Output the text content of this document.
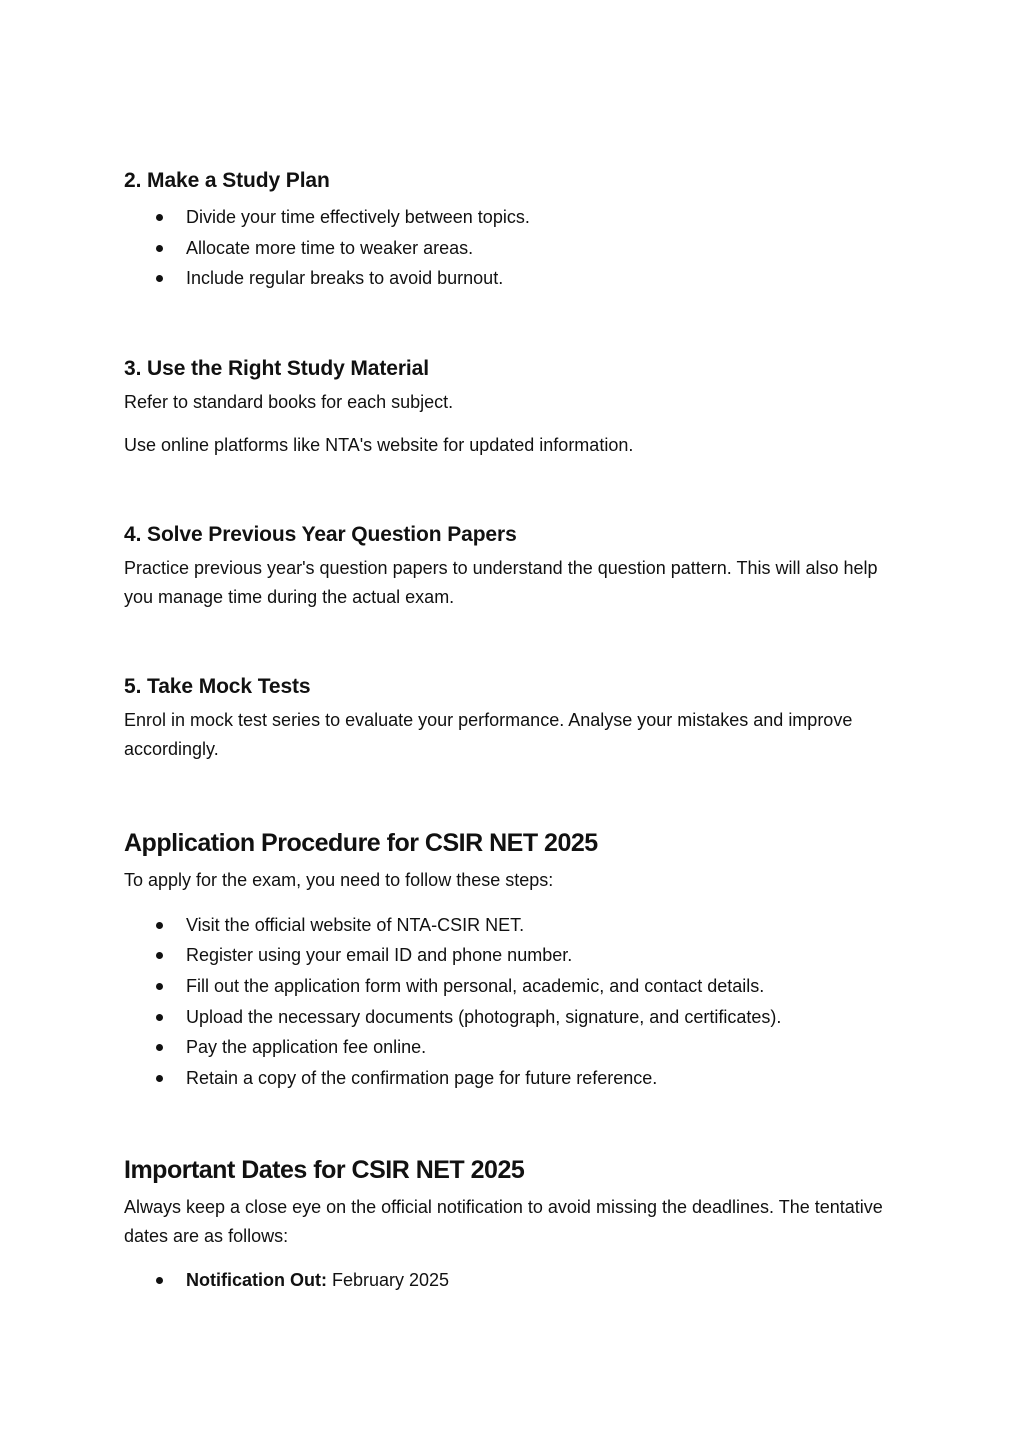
2. Make a Study Plan
Divide your time effectively between topics.
Allocate more time to weaker areas.
Include regular breaks to avoid burnout.
3. Use the Right Study Material

Refer to standard books for each subject.

Use online platforms like NTA's website for updated information.

4. Solve Previous Year Question Papers

Practice previous year's question papers to understand the question pattern. This will also help you manage time during the actual exam.

5. Take Mock Tests

Enrol in mock test series to evaluate your performance. Analyse your mistakes and improve accordingly.

Application Procedure for CSIR NET 2025

To apply for the exam, you need to follow these steps:

Visit the official website of NTA-CSIR NET.
Register using your email ID and phone number.
Fill out the application form with personal, academic, and contact details.
Upload the necessary documents (photograph, signature, and certificates).
Pay the application fee online.
Retain a copy of the confirmation page for future reference.
Important Dates for CSIR NET 2025

Always keep a close eye on the official notification to avoid missing the deadlines. The tentative dates are as follows:

Notification Out: February 2025
